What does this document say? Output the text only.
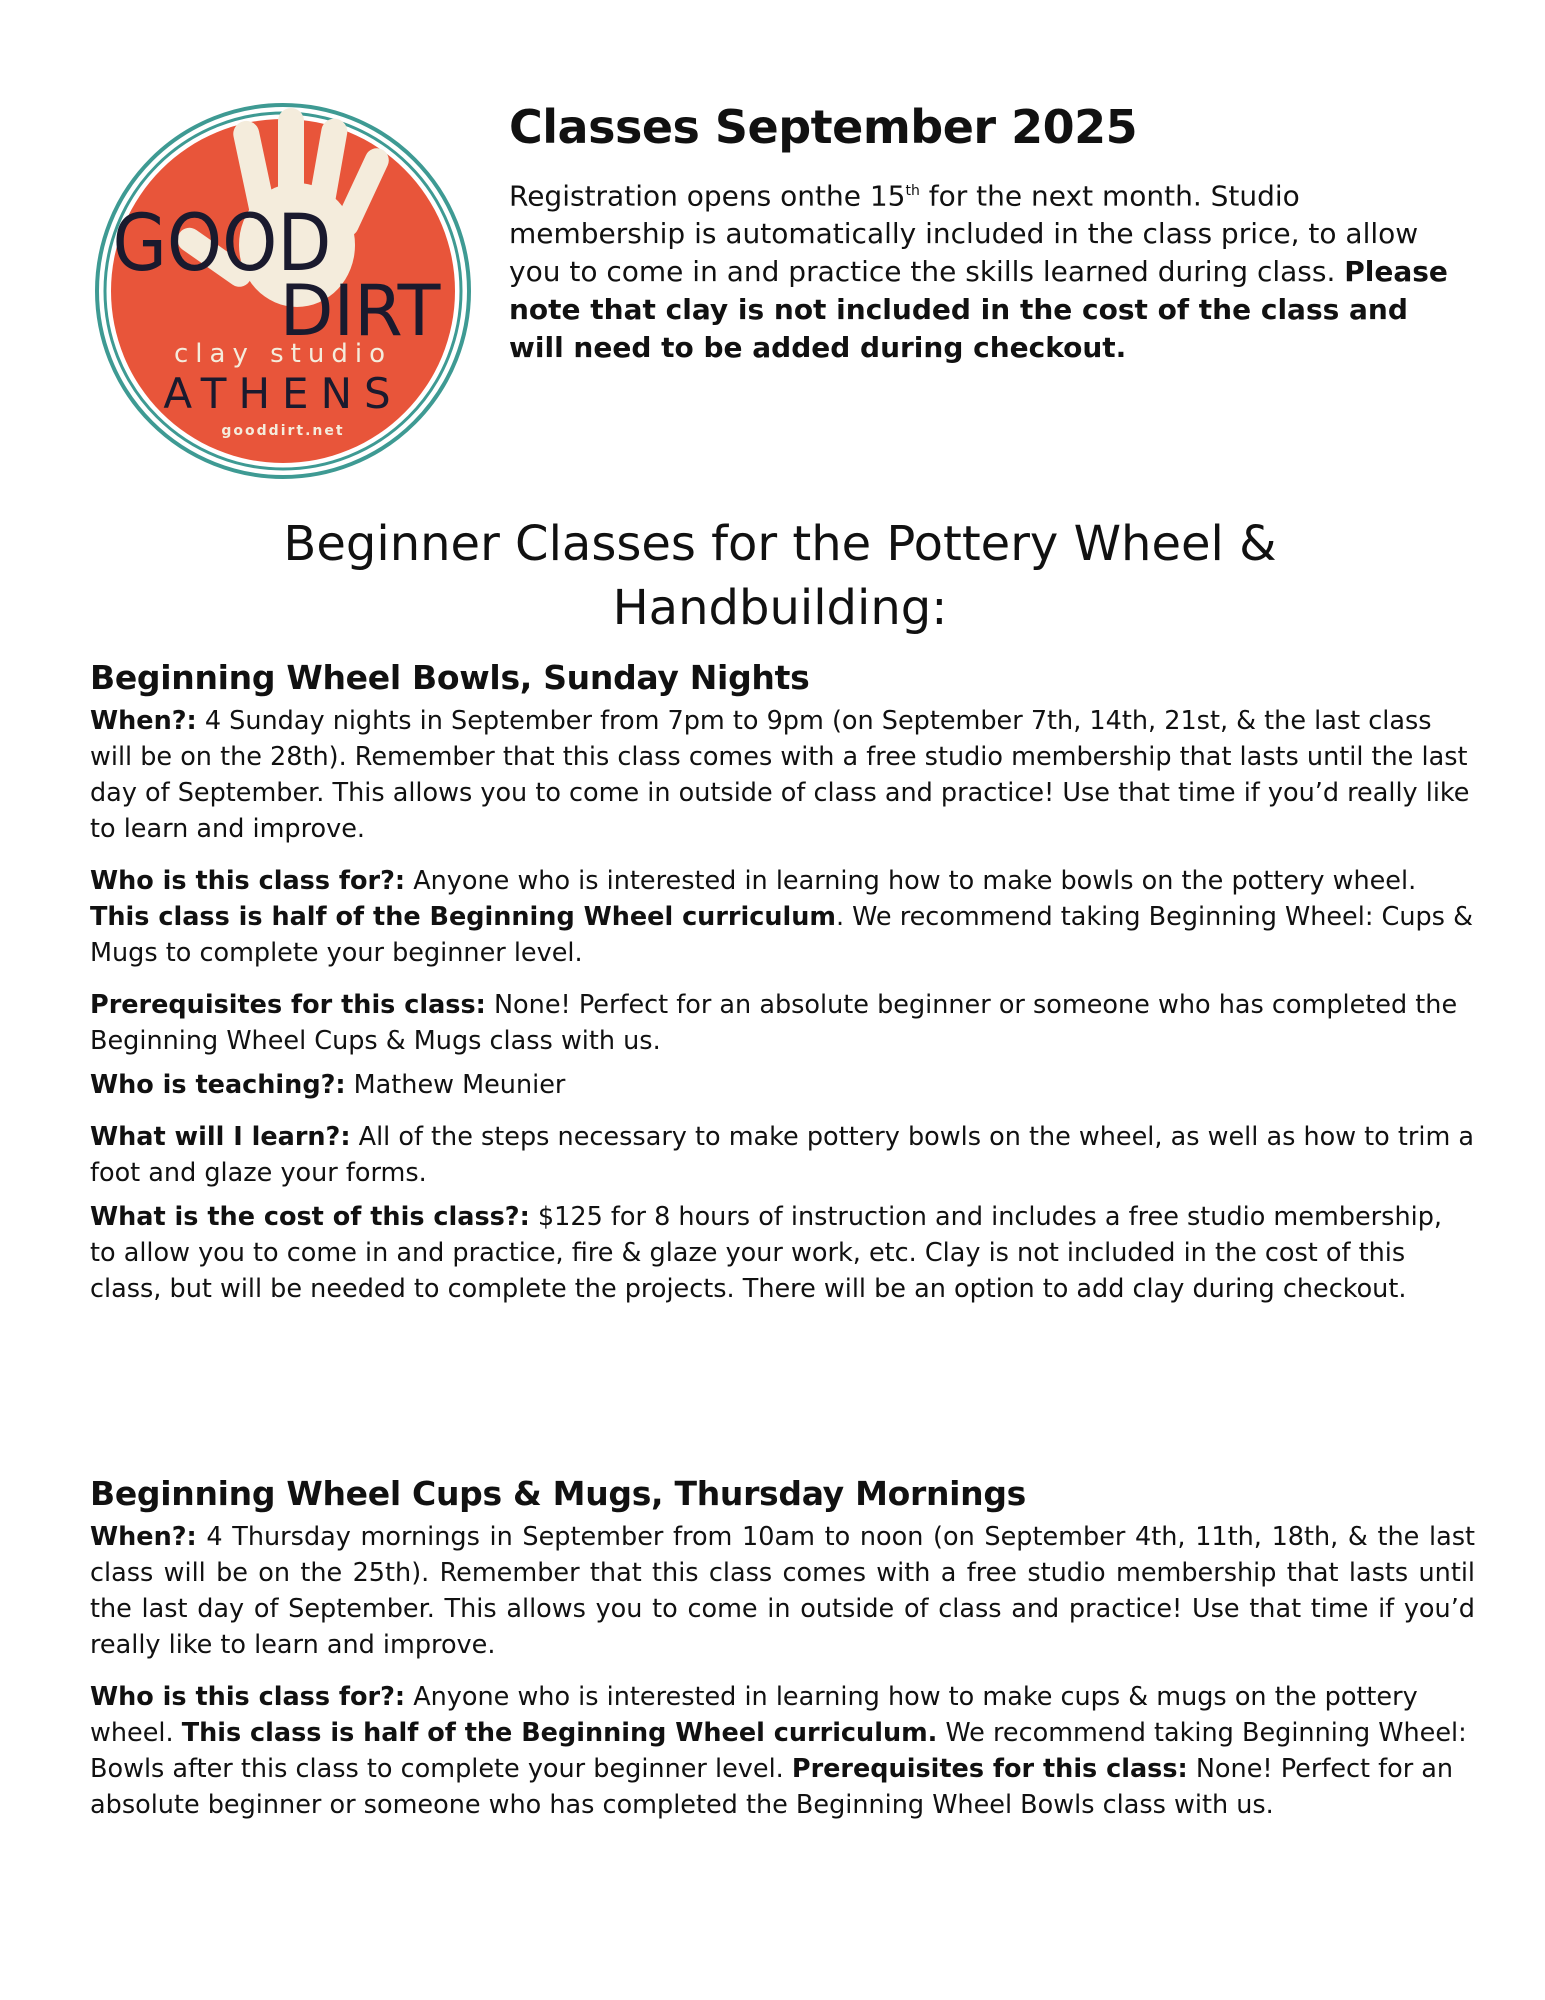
GOOD
DIRT
clay studio
ATHENS
gooddirt.net
Classes September 2025

Registration opens onthe 15th for the next month. Studio membership is automatically included in the class price, to allow you to come in and practice the skills learned during class. Please note that clay is not included in the cost of the class and will need to be added during checkout.

Beginner Classes for the Pottery Wheel & Handbuilding:
Beginning Wheel Bowls, Sunday Nights

When?: 4 Sunday nights in September from 7pm to 9pm (on September 7th, 14th, 21st, & the last class will be on the 28th). Remember that this class comes with a free studio membership that lasts until the last day of September. This allows you to come in outside of class and practice! Use that time if you’d really like to learn and improve.

Who is this class for?: Anyone who is interested in learning how to make bowls on the pottery wheel. This class is half of the Beginning Wheel curriculum. We recommend taking Beginning Wheel: Cups & Mugs to complete your beginner level.

Prerequisites for this class: None! Perfect for an absolute beginner or someone who has completed the Beginning Wheel Cups & Mugs class with us.

Who is teaching?: Mathew Meunier

What will I learn?: All of the steps necessary to make pottery bowls on the wheel, as well as how to trim a foot and glaze your forms.

What is the cost of this class?: $125 for 8 hours of instruction and includes a free studio membership, to allow you to come in and practice, fire & glaze your work, etc. Clay is not included in the cost of this class, but will be needed to complete the projects. There will be an option to add clay during checkout.

Beginning Wheel Cups & Mugs, Thursday Mornings

When?: 4 Thursday mornings in September from 10am to noon (on September 4th, 11th, 18th, & the last class will be on the 25th). Remember that this class comes with a free studio membership that lasts until the last day of September. This allows you to come in outside of class and practice! Use that time if you’d really like to learn and improve.

Who is this class for?: Anyone who is interested in learning how to make cups & mugs on the pottery wheel. This class is half of the Beginning Wheel curriculum. We recommend taking Beginning Wheel: Bowls after this class to complete your beginner level. Prerequisites for this class: None! Perfect for an absolute beginner or someone who has completed the Beginning Wheel Bowls class with us.
